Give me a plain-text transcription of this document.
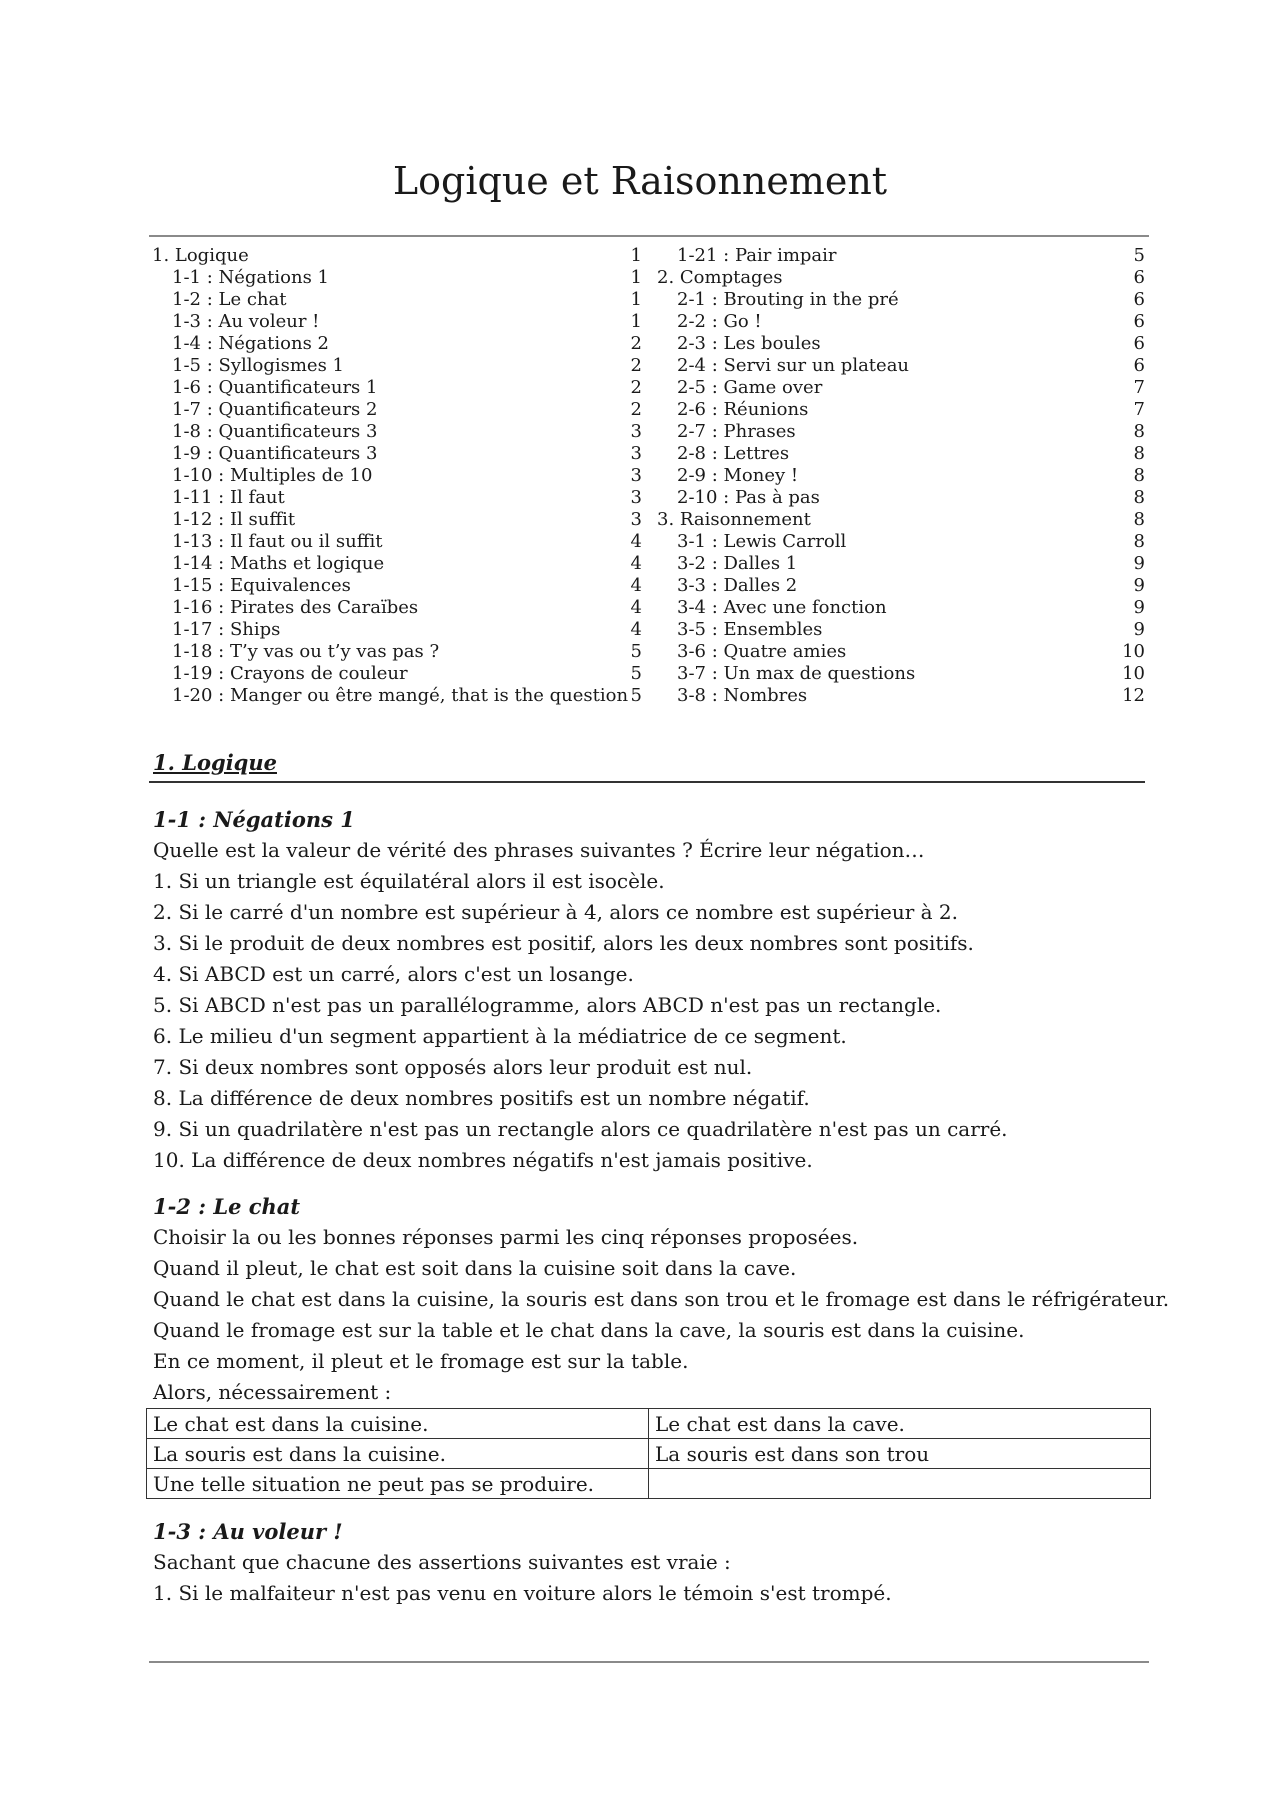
Logique et Raisonnement
1. Logique	1
1-1 : Négations 1	1
1-2 : Le chat	1
1-3 : Au voleur !	1
1-4 : Négations 2	2
1-5 : Syllogismes 1	2
1-6 : Quantificateurs 1	2
1-7 : Quantificateurs 2	2
1-8 : Quantificateurs 3	3
1-9 : Quantificateurs 3	3
1-10 : Multiples de 10	3
1-11 : Il faut	3
1-12 : Il suffit	3
1-13 : Il faut ou il suffit	4
1-14 : Maths et logique	4
1-15 : Equivalences	4
1-16 : Pirates des Caraïbes	4
1-17 : Ships	4
1-18 : T’y vas ou t’y vas pas ?	5
1-19 : Crayons de couleur	5
1-20 : Manger ou être mangé, that is the question 5
1-21 : Pair impair	5
2. Comptages	6
2-1 : Brouting in the pré	6
2-2 : Go !	6
2-3 : Les boules	6
2-4 : Servi sur un plateau	6
2-5 : Game over	7
2-6 : Réunions	7
2-7 : Phrases	8
2-8 : Lettres	8
2-9 : Money !	8
2-10 : Pas à pas	8
3. Raisonnement	8
3-1 : Lewis Carroll	8
3-2 : Dalles 1	9
3-3 : Dalles 2	9
3-4 : Avec une fonction	9
3-5 : Ensembles	9
3-6 : Quatre amies	10
3-7 : Un max de questions	10
3-8 : Nombres	12
1. Logique
1-1 : Négations 1
Quelle est la valeur de vérité des phrases suivantes ? Écrire leur négation…
1. Si un triangle est équilatéral alors il est isocèle.
2. Si le carré d'un nombre est supérieur à 4, alors ce nombre est supérieur à 2.
3. Si le produit de deux nombres est positif, alors les deux nombres sont positifs.
4. Si ABCD est un carré, alors c'est un losange.
5. Si ABCD n'est pas un parallélogramme, alors ABCD n'est pas un rectangle.
6. Le milieu d'un segment appartient à la médiatrice de ce segment.
7. Si deux nombres sont opposés alors leur produit est nul.
8. La différence de deux nombres positifs est un nombre négatif.
9. Si un quadrilatère n'est pas un rectangle alors ce quadrilatère n'est pas un carré.
10. La différence de deux nombres négatifs n'est jamais positive.
1-2 : Le chat
Choisir la ou les bonnes réponses parmi les cinq réponses proposées.
Quand il pleut, le chat est soit dans la cuisine soit dans la cave.
Quand le chat est dans la cuisine, la souris est dans son trou et le fromage est dans le réfrigérateur.
Quand le fromage est sur la table et le chat dans la cave, la souris est dans la cuisine.
En ce moment, il pleut et le fromage est sur la table.
Alors, nécessairement :
Le chat est dans la cuisine.	Le chat est dans la cave.
La souris est dans la cuisine.	La souris est dans son trou
Une telle situation ne peut pas se produire.	
1-3 : Au voleur !
Sachant que chacune des assertions suivantes est vraie :
1. Si le malfaiteur n'est pas venu en voiture alors le témoin s'est trompé.
